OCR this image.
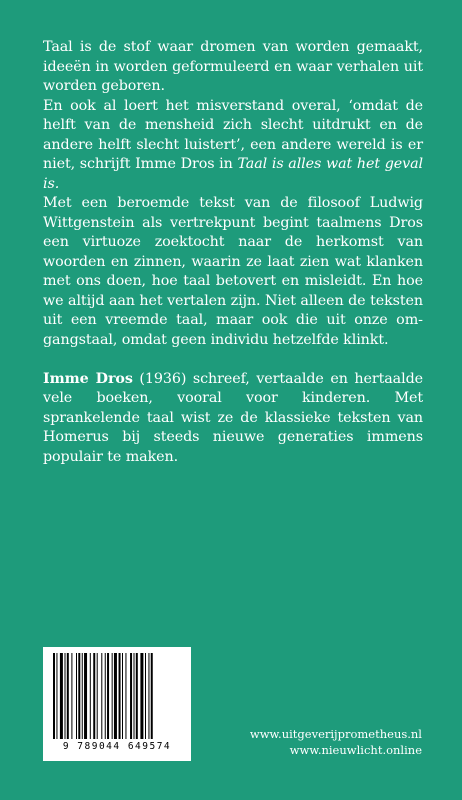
Taal is de stof waar dromen van worden gemaakt, ideeën in worden geformuleerd en waar verhalen uit worden geboren.

En ook al loert het misverstand overal, ‘omdat de helft van de mensheid zich slecht uitdrukt en de andere helft slecht luistert’, een andere wereld is er niet, schrijft Imme Dros in Taal is alles wat het geval is.

Met een beroemde tekst van de filosoof Ludwig Wittgenstein als vertrekpunt begint taalmens Dros een virtuoze zoektocht naar de herkomst van woorden en zinnen, waarin ze laat zien wat klanken met ons doen, hoe taal betovert en misleidt. En hoe we altijd aan het vertalen zijn. Niet alleen de teksten uit een vreemde taal, maar ook die uit onze omgangstaal, omdat geen individu hetzelfde klinkt.

Imme Dros (1936) schreef, vertaalde en hertaalde vele boeken, vooral voor kinderen. Met sprankelende taal wist ze de klassieke teksten van Homerus bij steeds nieuwe generaties immens populair te maken.

9 789044 649574
www.uitgeverijprometheus.nl
www.nieuwlicht.online
